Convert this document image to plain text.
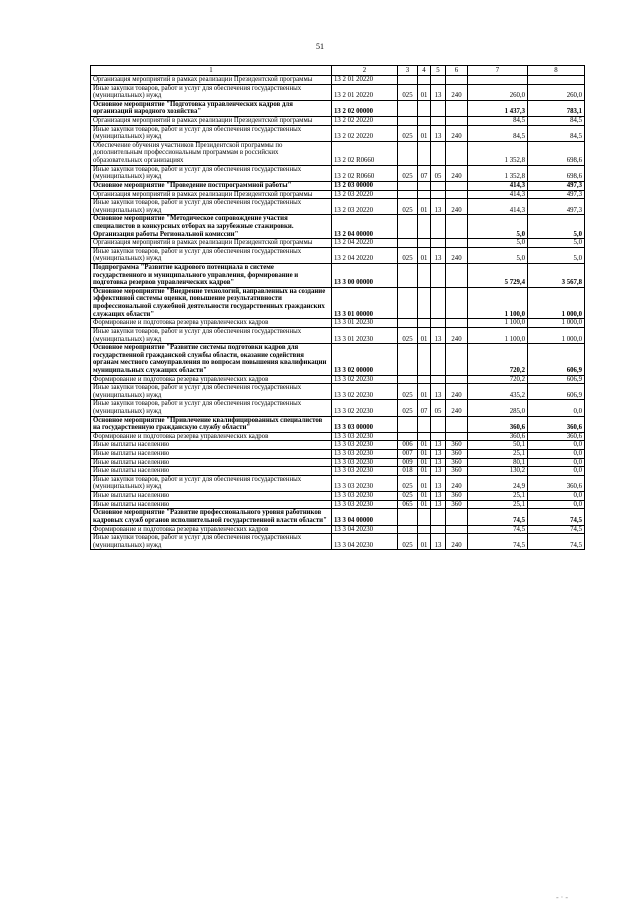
51
1	2	3	4	5	6	7	8
Организация мероприятий в рамках реализации Президентской программы	13 2 01 20220						
Иные закупки товаров, работ и услуг для обеспечения государственных (муниципальных) нужд	13 2 01 20220	025	01	13	240	260,0	260,0
Основное мероприятие "Подготовка управленческих кадров для организаций народного хозяйства"	13 2 02 00000					1 437,3	783,1
Организация мероприятий в рамках реализации Президентской программы	13 2 02 20220					84,5	84,5
Иные закупки товаров, работ и услуг для обеспечения государственных (муниципальных) нужд	13 2 02 20220	025	01	13	240	84,5	84,5
Обеспечение обучения участников Президентской программы по дополнительным профессиональным программам в российских образовательных организациях	13 2 02 R0660					1 352,8	698,6
Иные закупки товаров, работ и услуг для обеспечения государственных (муниципальных) нужд	13 2 02 R0660	025	07	05	240	1 352,8	698,6
Основное мероприятие "Проведение постпрограммной работы"	13 2 03 00000					414,3	497,3
Организация мероприятий в рамках реализации Президентской программы	13 2 03 20220					414,3	497,3
Иные закупки товаров, работ и услуг для обеспечения государственных (муниципальных) нужд	13 2 03 20220	025	01	13	240	414,3	497,3
Основное мероприятие "Методическое сопровождение участия специалистов в конкурсных отборах на зарубежные стажировки. Организация работы Региональной комиссии"	13 2 04 00000					5,0	5,0
Организация мероприятий в рамках реализации Президентской программы	13 2 04 20220					5,0	5,0
Иные закупки товаров, работ и услуг для обеспечения государственных (муниципальных) нужд	13 2 04 20220	025	01	13	240	5,0	5,0
Подпрограмма "Развитие кадрового потенциала в системе государственного и муниципального управления, формирование и подготовка резервов управленческих кадров"	13 3 00 00000					5 729,4	3 567,8
Основное мероприятие "Внедрение технологий, направленных на создание эффективной системы оценки, повышение результативности профессиональной служебной деятельности государственных гражданских служащих области"	13 3 01 00000					1 100,0	1 000,0
Формирование и подготовка резерва управленческих кадров	13 3 01 20230					1 100,0	1 000,0
Иные закупки товаров, работ и услуг для обеспечения государственных (муниципальных) нужд	13 3 01 20230	025	01	13	240	1 100,0	1 000,0
Основное мероприятие "Развитие системы подготовки кадров для государственной гражданской службы области, оказание содействия органам местного самоуправления по вопросам повышения квалификации муниципальных служащих области"	13 3 02 00000					720,2	606,9
Формирование и подготовка резерва управленческих кадров	13 3 02 20230					720,2	606,9
Иные закупки товаров, работ и услуг для обеспечения государственных (муниципальных) нужд	13 3 02 20230	025	01	13	240	435,2	606,9
Иные закупки товаров, работ и услуг для обеспечения государственных (муниципальных) нужд	13 3 02 20230	025	07	05	240	285,0	0,0
Основное мероприятие "Привлечение квалифицированных специалистов на государственную гражданскую службу области"	13 3 03 00000					360,6	360,6
Формирование и подготовка резерва управленческих кадров	13 3 03 20230					360,6	360,6
Иные выплаты населению	13 3 03 20230	006	01	13	360	50,1	0,0
Иные выплаты населению	13 3 03 20230	007	01	13	360	25,1	0,0
Иные выплаты населению	13 3 03 20230	009	01	13	360	80,1	0,0
Иные выплаты населению	13 3 03 20230	018	01	13	360	130,2	0,0
Иные закупки товаров, работ и услуг для обеспечения государственных (муниципальных) нужд	13 3 03 20230	025	01	13	240	24,9	360,6
Иные выплаты населению	13 3 03 20230	025	01	13	360	25,1	0,0
Иные выплаты населению	13 3 03 20230	065	01	13	360	25,1	0,0
Основное мероприятие "Развитие профессионального уровня работников кадровых служб органов исполнительной государственной власти области"	13 3 04 00000					74,5	74,5
Формирование и подготовка резерва управленческих кадров	13 3 04 20230					74,5	74,5
Иные закупки товаров, работ и услуг для обеспечения государственных (муниципальных) нужд	13 3 04 20230	025	01	13	240	74,5	74,5
- · -
